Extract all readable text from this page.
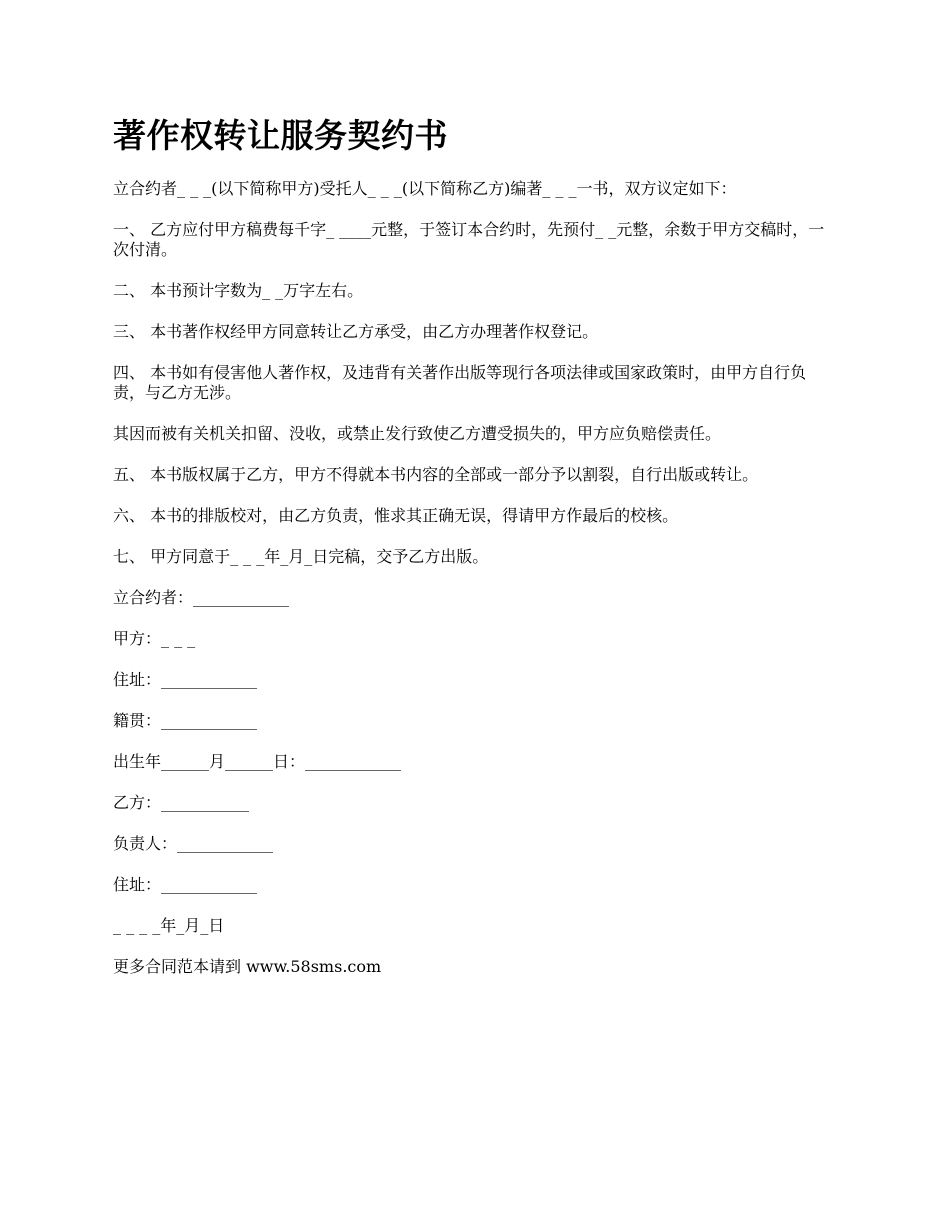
著作权转让服务契约书

立合约者_ _ _(以下简称甲方)受托人_ _ _(以下简称乙方)编著_ _ _一书，双方议定如下：

一、 乙方应付甲方稿费每千字_ ____元整，于签订本合约时，先预付_ _元整，余数于甲方交稿时，一次付清。

二、 本书预计字数为_ _万字左右。

三、 本书著作权经甲方同意转让乙方承受，由乙方办理著作权登记。

四、 本书如有侵害他人著作权，及违背有关著作出版等现行各项法律或国家政策时，由甲方自行负责，与乙方无涉。

其因而被有关机关扣留、没收，或禁止发行致使乙方遭受损失的，甲方应负赔偿责任。

五、 本书版权属于乙方，甲方不得就本书内容的全部或一部分予以割裂，自行出版或转让。

六、 本书的排版校对，由乙方负责，惟求其正确无误，得请甲方作最后的校核。

七、 甲方同意于_ _ _年_月_日完稿，交予乙方出版。

立合约者：____________

甲方：_ _ _

住址：____________

籍贯：____________

出生年______月______日：____________

乙方：___________

负责人：____________

住址：____________

_ _ _ _年_月_日

更多合同范本请到 www.58sms.com
